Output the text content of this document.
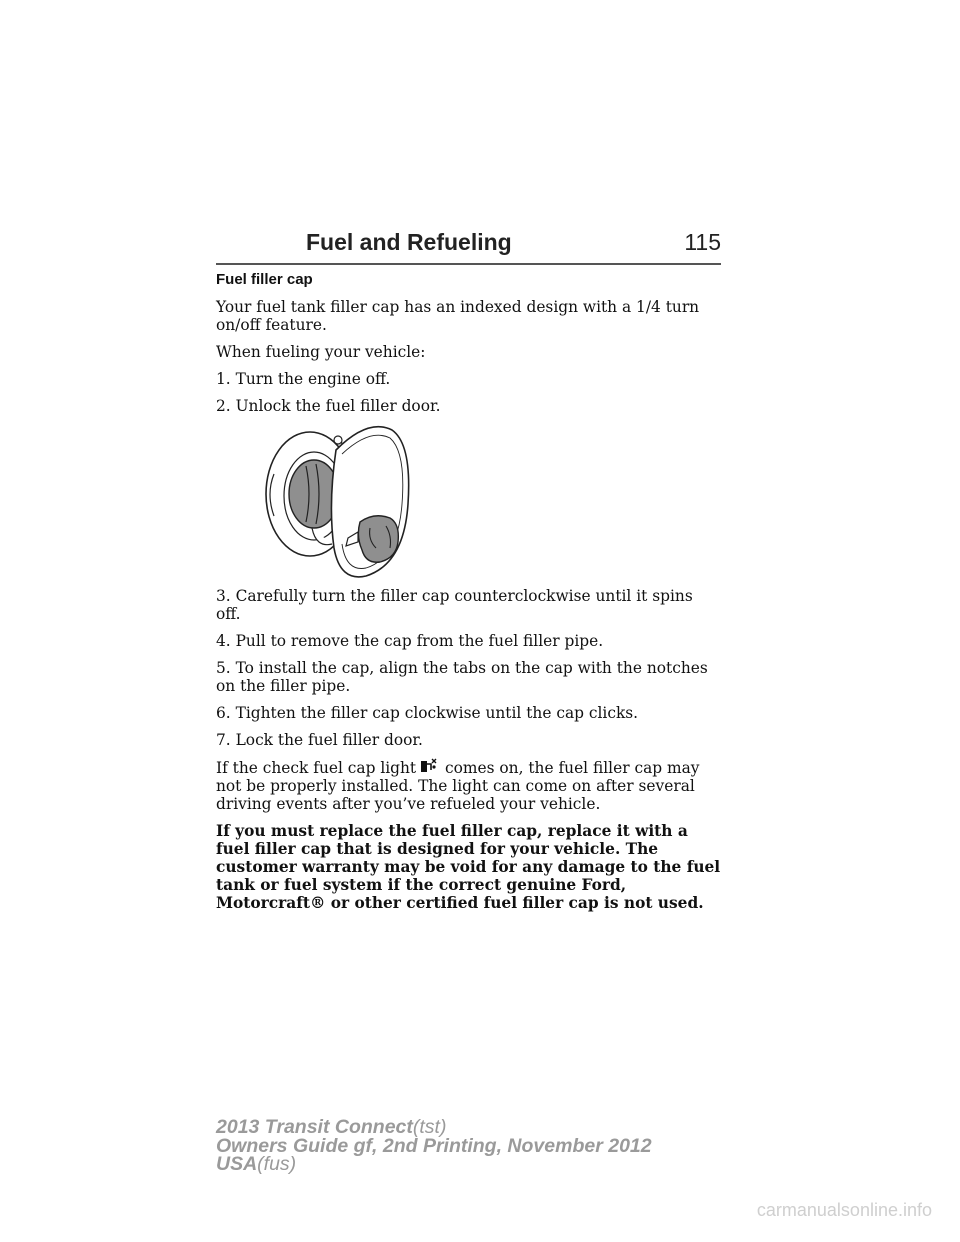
Fuel and Refueling	115

Fuel filler cap

Your fuel tank filler cap has an indexed design with a 1/4 turn on/off feature.

When fueling your vehicle:

1. Turn the engine off.

2. Unlock the fuel filler door.

3. Carefully turn the filler cap counterclockwise until it spins off.

4. Pull to remove the cap from the fuel filler pipe.

5. To install the cap, align the tabs on the cap with the notches on the filler pipe.

6. Tighten the filler cap clockwise until the cap clicks.

7. Lock the fuel filler door.

If the check fuel cap light comes on, the fuel filler cap may not be properly installed. The light can come on after several driving events after you’ve refueled your vehicle.

If you must replace the fuel filler cap, replace it with a fuel filler cap that is designed for your vehicle. The customer warranty may be void for any damage to the fuel tank or fuel system if the correct genuine Ford, Motorcraft® or other certified fuel filler cap is not used.

2013 Transit Connect(tst)
Owners Guide gf, 2nd Printing, November 2012
USA(fus)
carmanualsonline.info
